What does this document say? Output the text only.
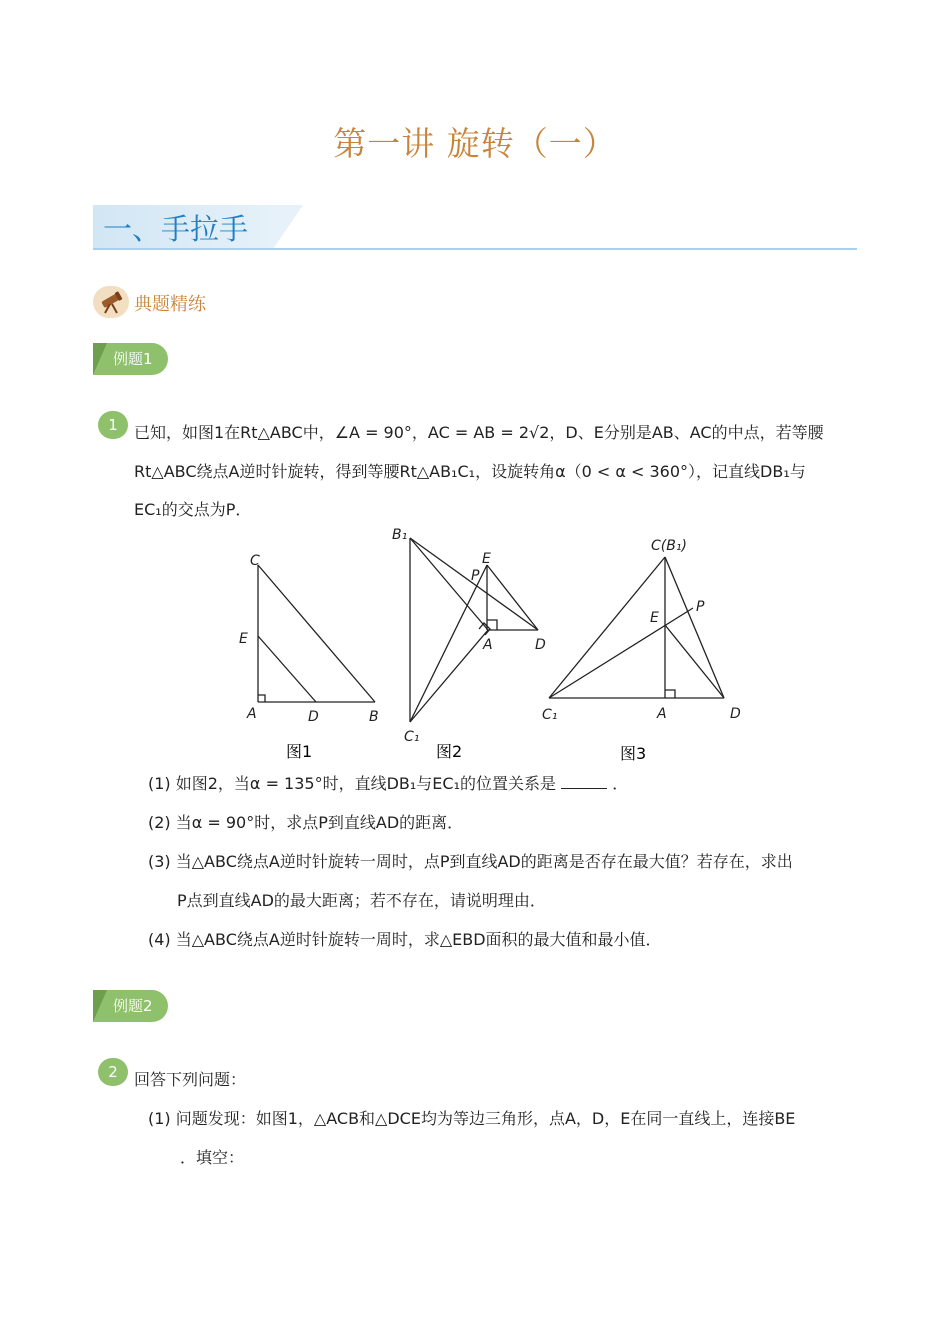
第一讲 旋转（一）
一、手拉手
典题精练
例题1
1	已知，如图1在Rt△ABC中，∠A = 90°，AC = AB = 2√2，D、E分别是AB、AC的中点，若等腰
Rt△ABC绕点A逆时针旋转，得到等腰Rt△AB₁C₁，设旋转角α（0 < α < 360°），记直线DB₁与
EC₁的交点为P．
C
E
A	D	B
图1
B₁
E
P
A	D
C₁
图2
C(B₁)
P
E
C₁	A	D
图3
(1) 如图2，当α = 135°时，直线DB₁与EC₁的位置关系是	．
(2) 当α = 90°时，求点P到直线AD的距离．
(3) 当△ABC绕点A逆时针旋转一周时，点P到直线AD的距离是否存在最大值？若存在，求出
P点到直线AD的最大距离；若不存在，请说明理由．
(4) 当△ABC绕点A逆时针旋转一周时，求△EBD面积的最大值和最小值．
例题2
2	回答下列问题：
(1) 问题发现：如图1，△ACB和△DCE均为等边三角形，点A，D，E在同一直线上，连接BE
．填空：
